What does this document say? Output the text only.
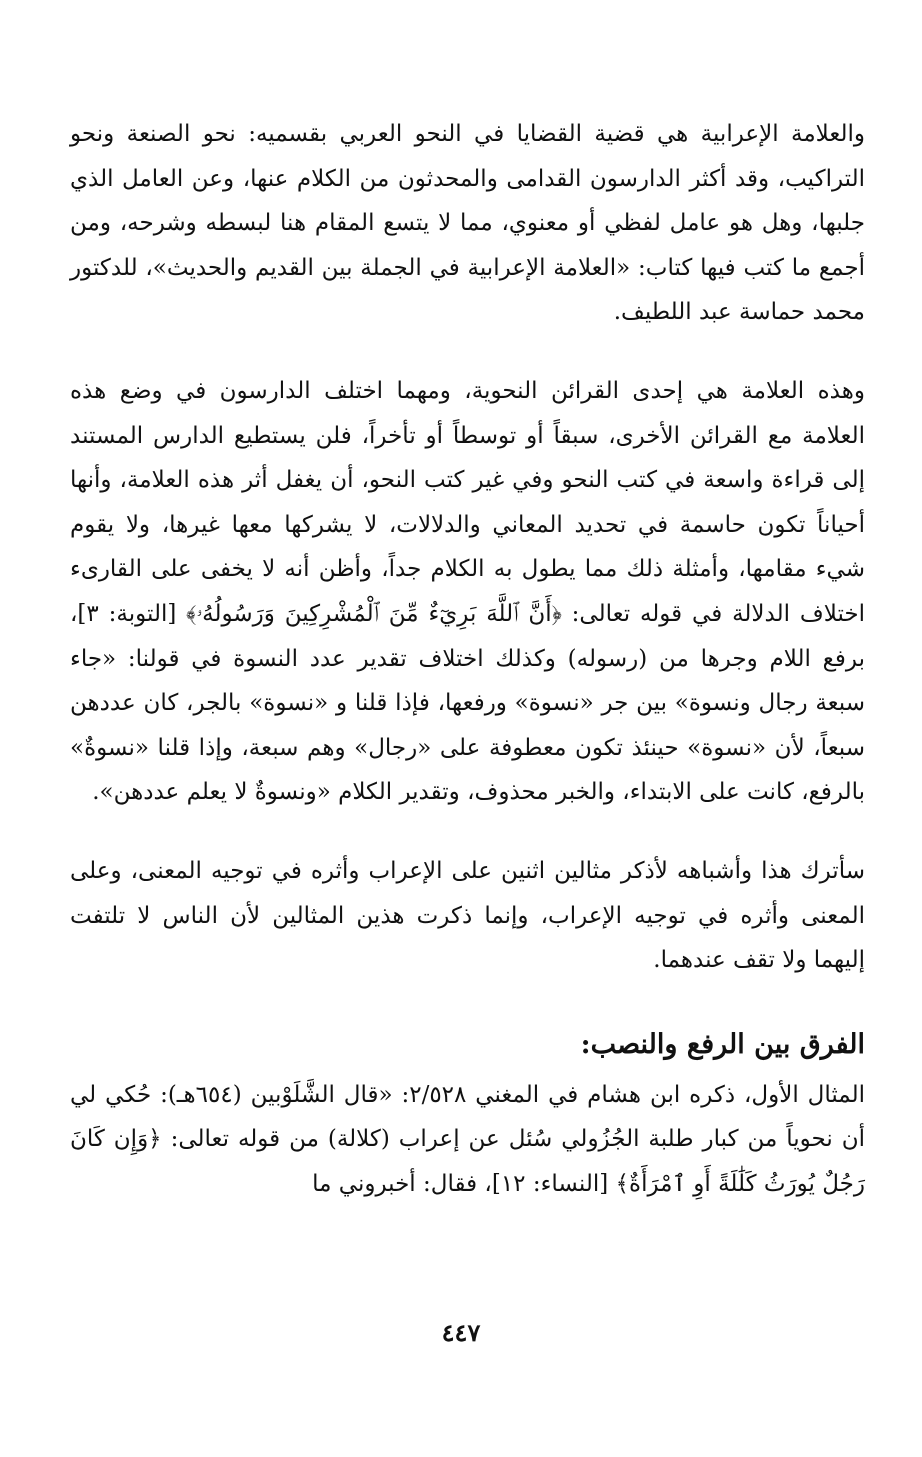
والعلامة الإعرابية هي قضية القضايا في النحو العربي بقسميه: نحو الصنعة ونحو التراكيب، وقد أكثر الدارسون القدامى والمحدثون من الكلام عنها، وعن العامل الذي جلبها، وهل هو عامل لفظي أو معنوي، مما لا يتسع المقام هنا لبسطه وشرحه، ومن أجمع ما كتب فيها كتاب: «العلامة الإعرابية في الجملة بين القديم والحديث»، للدكتور محمد حماسة عبد اللطيف.

وهذه العلامة هي إحدى القرائن النحوية، ومهما اختلف الدارسون في وضع هذه العلامة مع القرائن الأخرى، سبقاً أو توسطاً أو تأخراً، فلن يستطيع الدارس المستند إلى قراءة واسعة في كتب النحو وفي غير كتب النحو، أن يغفل أثر هذه العلامة، وأنها أحياناً تكون حاسمة في تحديد المعاني والدلالات، لا يشركها معها غيرها، ولا يقوم شيء مقامها، وأمثلة ذلك مما يطول به الكلام جداً، وأظن أنه لا يخفى على القارىء اختلاف الدلالة في قوله تعالى: ﴿أَنَّ ٱللَّهَ بَرِيٓءٌ مِّنَ ٱلْمُشْرِكِينَ وَرَسُولُهُۥ﴾ [التوبة: ٣]، برفع اللام وجرها من (رسوله) وكذلك اختلاف تقدير عدد النسوة في قولنا: «جاء سبعة رجال ونسوة» بين جر «نسوة» ورفعها، فإذا قلنا و «نسوة» بالجر، كان عددهن سبعاً، لأن «نسوة» حينئذ تكون معطوفة على «رجال» وهم سبعة، وإذا قلنا «نسوةٌ» بالرفع، كانت على الابتداء، والخبر محذوف، وتقدير الكلام «ونسوةٌ لا يعلم عددهن».

سأترك هذا وأشباهه لأذكر مثالين اثنين على الإعراب وأثره في توجيه المعنى، وعلى المعنى وأثره في توجيه الإعراب، وإنما ذكرت هذين المثالين لأن الناس لا تلتفت إليهما ولا تقف عندهما.

الفرق بين الرفع والنصب:

المثال الأول، ذكره ابن هشام في المغني ٢/٥٢٨: «قال الشَّلَوْبين (٦٥٤هـ): حُكي لي أن نحوياً من كبار طلبة الجُزُولي سُئل عن إعراب (كلالة) من قوله تعالى: ﴿وَإِن كَانَ رَجُلٌ يُورَثُ كَلَٰلَةً أَوِ ٱمْرَأَةٌ﴾ [النساء: ١٢]، فقال: أخبروني ما

٤٤٧
